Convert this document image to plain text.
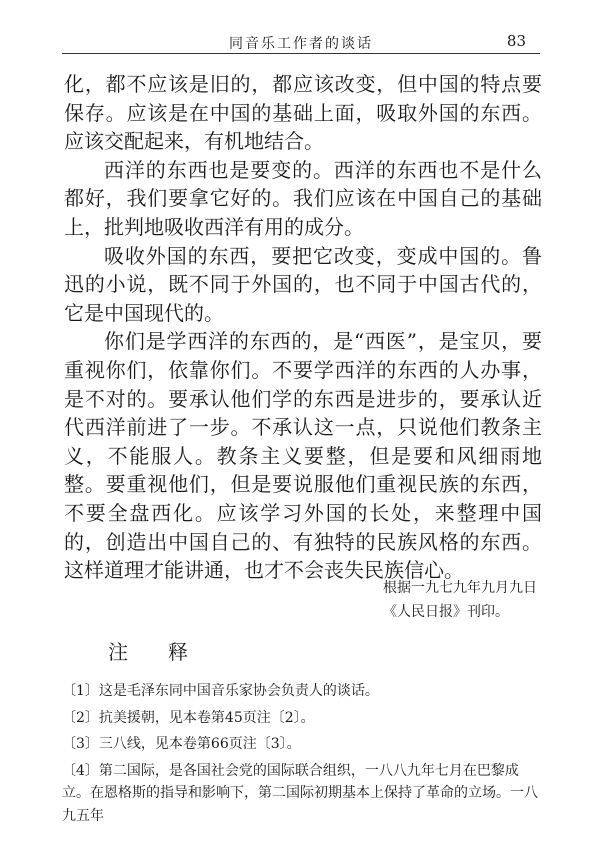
同音乐工作者的谈话	83

化，都不应该是旧的，都应该改变，但中国的特点要保存。应该是在中国的基础上面，吸取外国的东西。应该交配起来，有机地结合。

西洋的东西也是要变的。西洋的东西也不是什么都好，我们要拿它好的。我们应该在中国自己的基础上，批判地吸收西洋有用的成分。

吸收外国的东西，要把它改变，变成中国的。鲁迅的小说，既不同于外国的，也不同于中国古代的，它是中国现代的。

你们是学西洋的东西的，是“西医”，是宝贝，要重视你们，依靠你们。不要学西洋的东西的人办事，是不对的。要承认他们学的东西是进步的，要承认近代西洋前进了一步。不承认这一点，只说他们教条主义，不能服人。教条主义要整，但是要和风细雨地整。要重视他们，但是要说服他们重视民族的东西，不要全盘西化。应该学习外国的长处，来整理中国的，创造出中国自己的、有独特的民族风格的东西。这样道理才能讲通，也才不会丧失民族信心。

根据一九七九年九月九日
《人民日报》刊印。
注释

〔1〕这是毛泽东同中国音乐家协会负责人的谈话。

〔2〕抗美援朝，见本卷第45页注〔2〕。

〔3〕三八线，见本卷第66页注〔3〕。

〔4〕第二国际，是各国社会党的国际联合组织，一八八九年七月在巴黎成立。在恩格斯的指导和影响下，第二国际初期基本上保持了革命的立场。一八九五年
